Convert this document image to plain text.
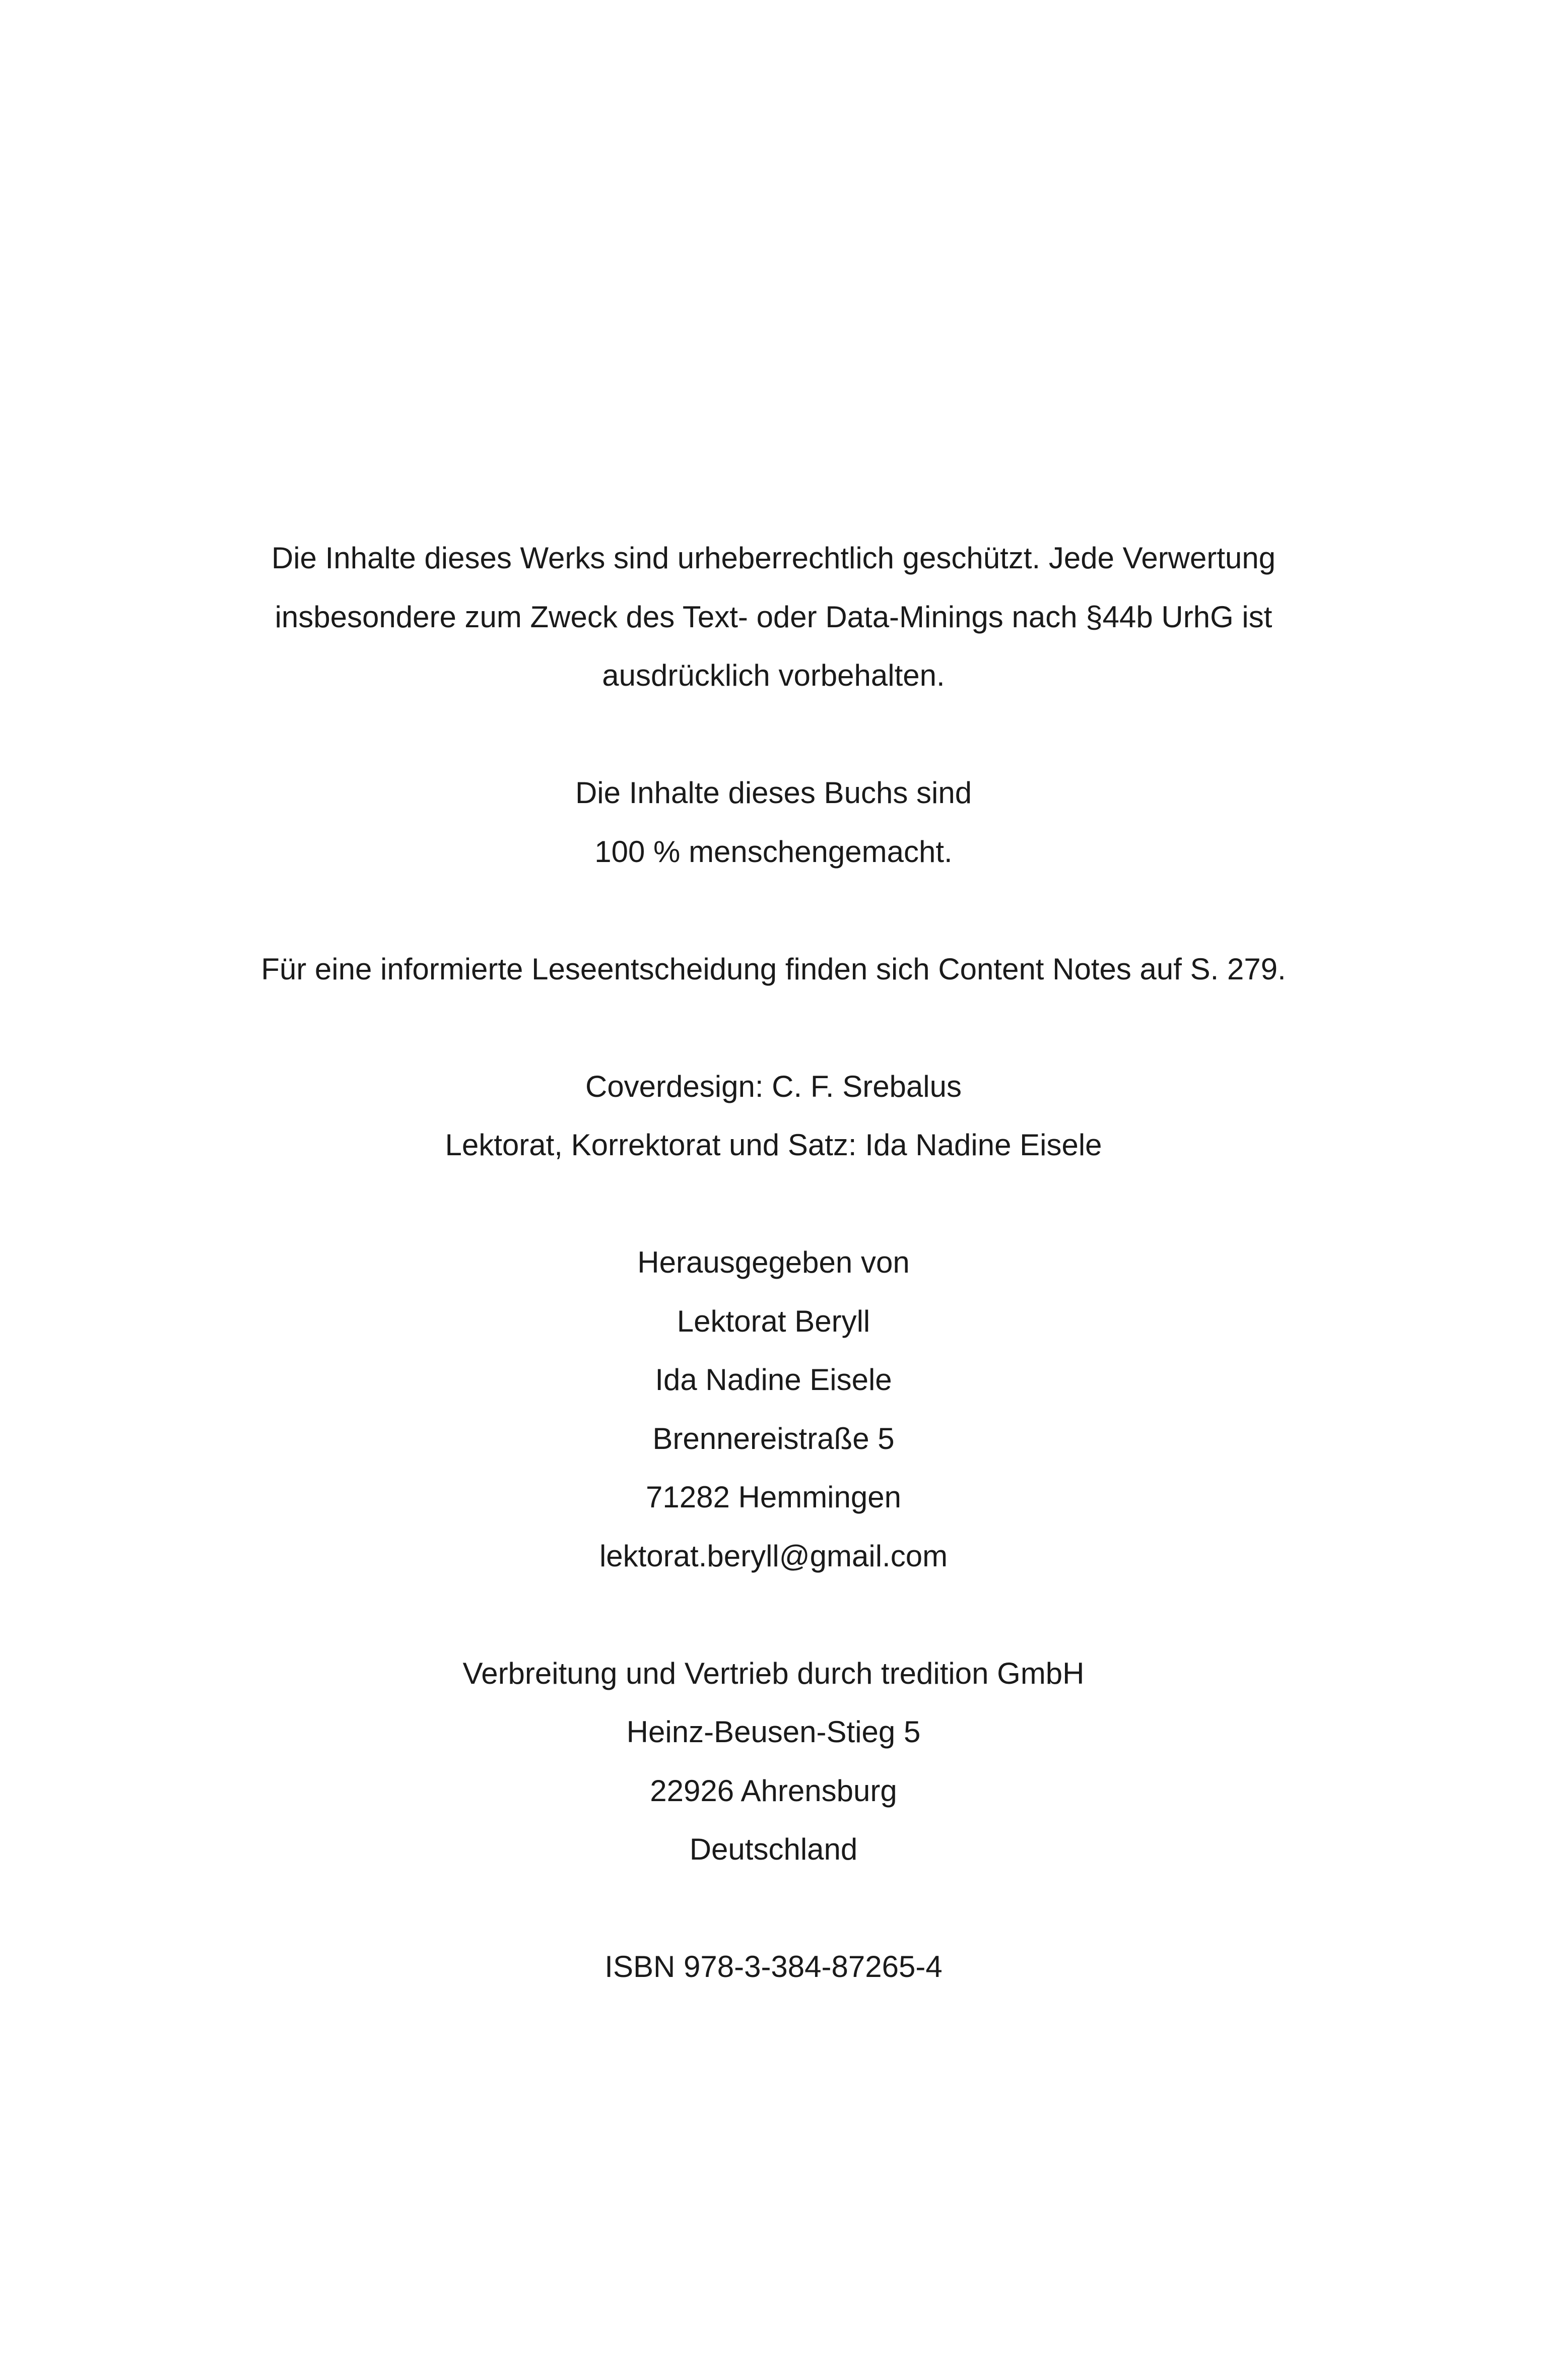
Die Inhalte dieses Werks sind urheberrechtlich geschützt. Jede Verwertung
insbesondere zum Zweck des Text- oder Data-Minings nach §44b UrhG ist
ausdrücklich vorbehalten.
Die Inhalte dieses Buchs sind
100 % menschengemacht.
Für eine informierte Leseentscheidung finden sich Content Notes auf S. 279.
Coverdesign: C. F. Srebalus
Lektorat, Korrektorat und Satz: Ida Nadine Eisele
Herausgegeben von
Lektorat Beryll
Ida Nadine Eisele
Brennereistraße 5
71282 Hemmingen
lektorat.beryll@gmail.com
Verbreitung und Vertrieb durch tredition GmbH
Heinz-Beusen-Stieg 5
22926 Ahrensburg
Deutschland
ISBN 978-3-384-87265-4
